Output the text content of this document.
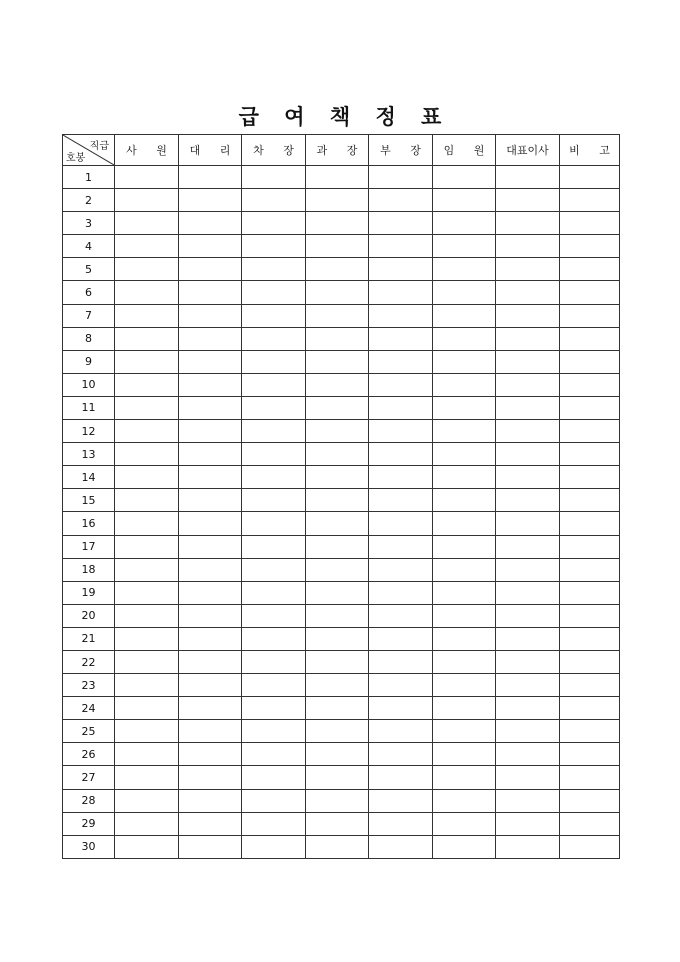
급 여 책 정 표
직급
호봉	사 원	대 리	차 장	과 장	부 장	임 원	대표이사	비 고
1								
2								
3								
4								
5								
6								
7								
8								
9								
10								
11								
12								
13								
14								
15								
16								
17								
18								
19								
20								
21								
22								
23								
24								
25								
26								
27								
28								
29								
30								
